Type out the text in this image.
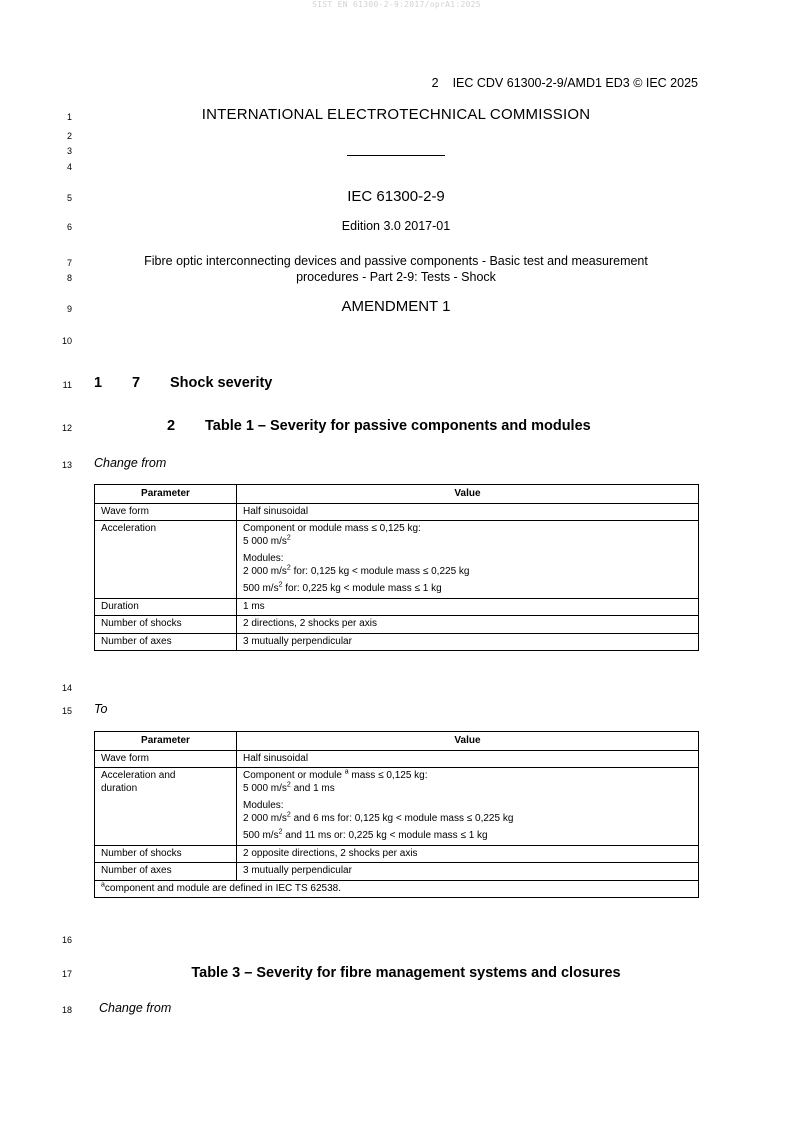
SIST EN 61300-2-9:2017/oprA1:2025
2 IEC CDV 61300-2-9/AMD1 ED3 © IEC 2025
1
2
3
4
5
6
7
8
9
10
11
12
13
14
15
16
17
18
INTERNATIONAL ELECTROTECHNICAL COMMISSION
IEC 61300-2-9
Edition 3.0 2017-01
Fibre optic interconnecting devices and passive components - Basic test and measurement
procedures - Part 2-9: Tests - Shock
AMENDMENT 1
1 7 Shock severity
2 Table 1 – Severity for passive components and modules
Change from
Parameter	Value
Wave form	Half sinusoidal
Acceleration	Component or module mass ≤ 0,125 kg:
5 000 $m/s^2$
Modules:
2 000 $m/s^2$ for: 0,125 kg < module mass ≤ 0,225 kg
500 $m/s^2$ for: 0,225 kg < module mass ≤ 1 kg

Duration	1 ms
Number of shocks	2 directions, 2 shocks per axis
Number of axes	3 mutually perpendicular
To
Parameter	Value
Wave form	Half sinusoidal
Acceleration and duration	Component or module $^a$ mass ≤ 0,125 kg:
5 000 $m/s^2$ and 1 ms
Modules:
2 000 $m/s^2$ and 6 ms for: 0,125 kg < module mass ≤ 0,225 kg
500 $m/s^2$ and 11 ms or: 0,225 kg < module mass ≤ 1 kg

Number of shocks	2 opposite directions, 2 shocks per axis
Number of axes	3 mutually perpendicular
$^a$component and module are defined in IEC TS 62538.	
Table 3 – Severity for fibre management systems and closures
Change from
